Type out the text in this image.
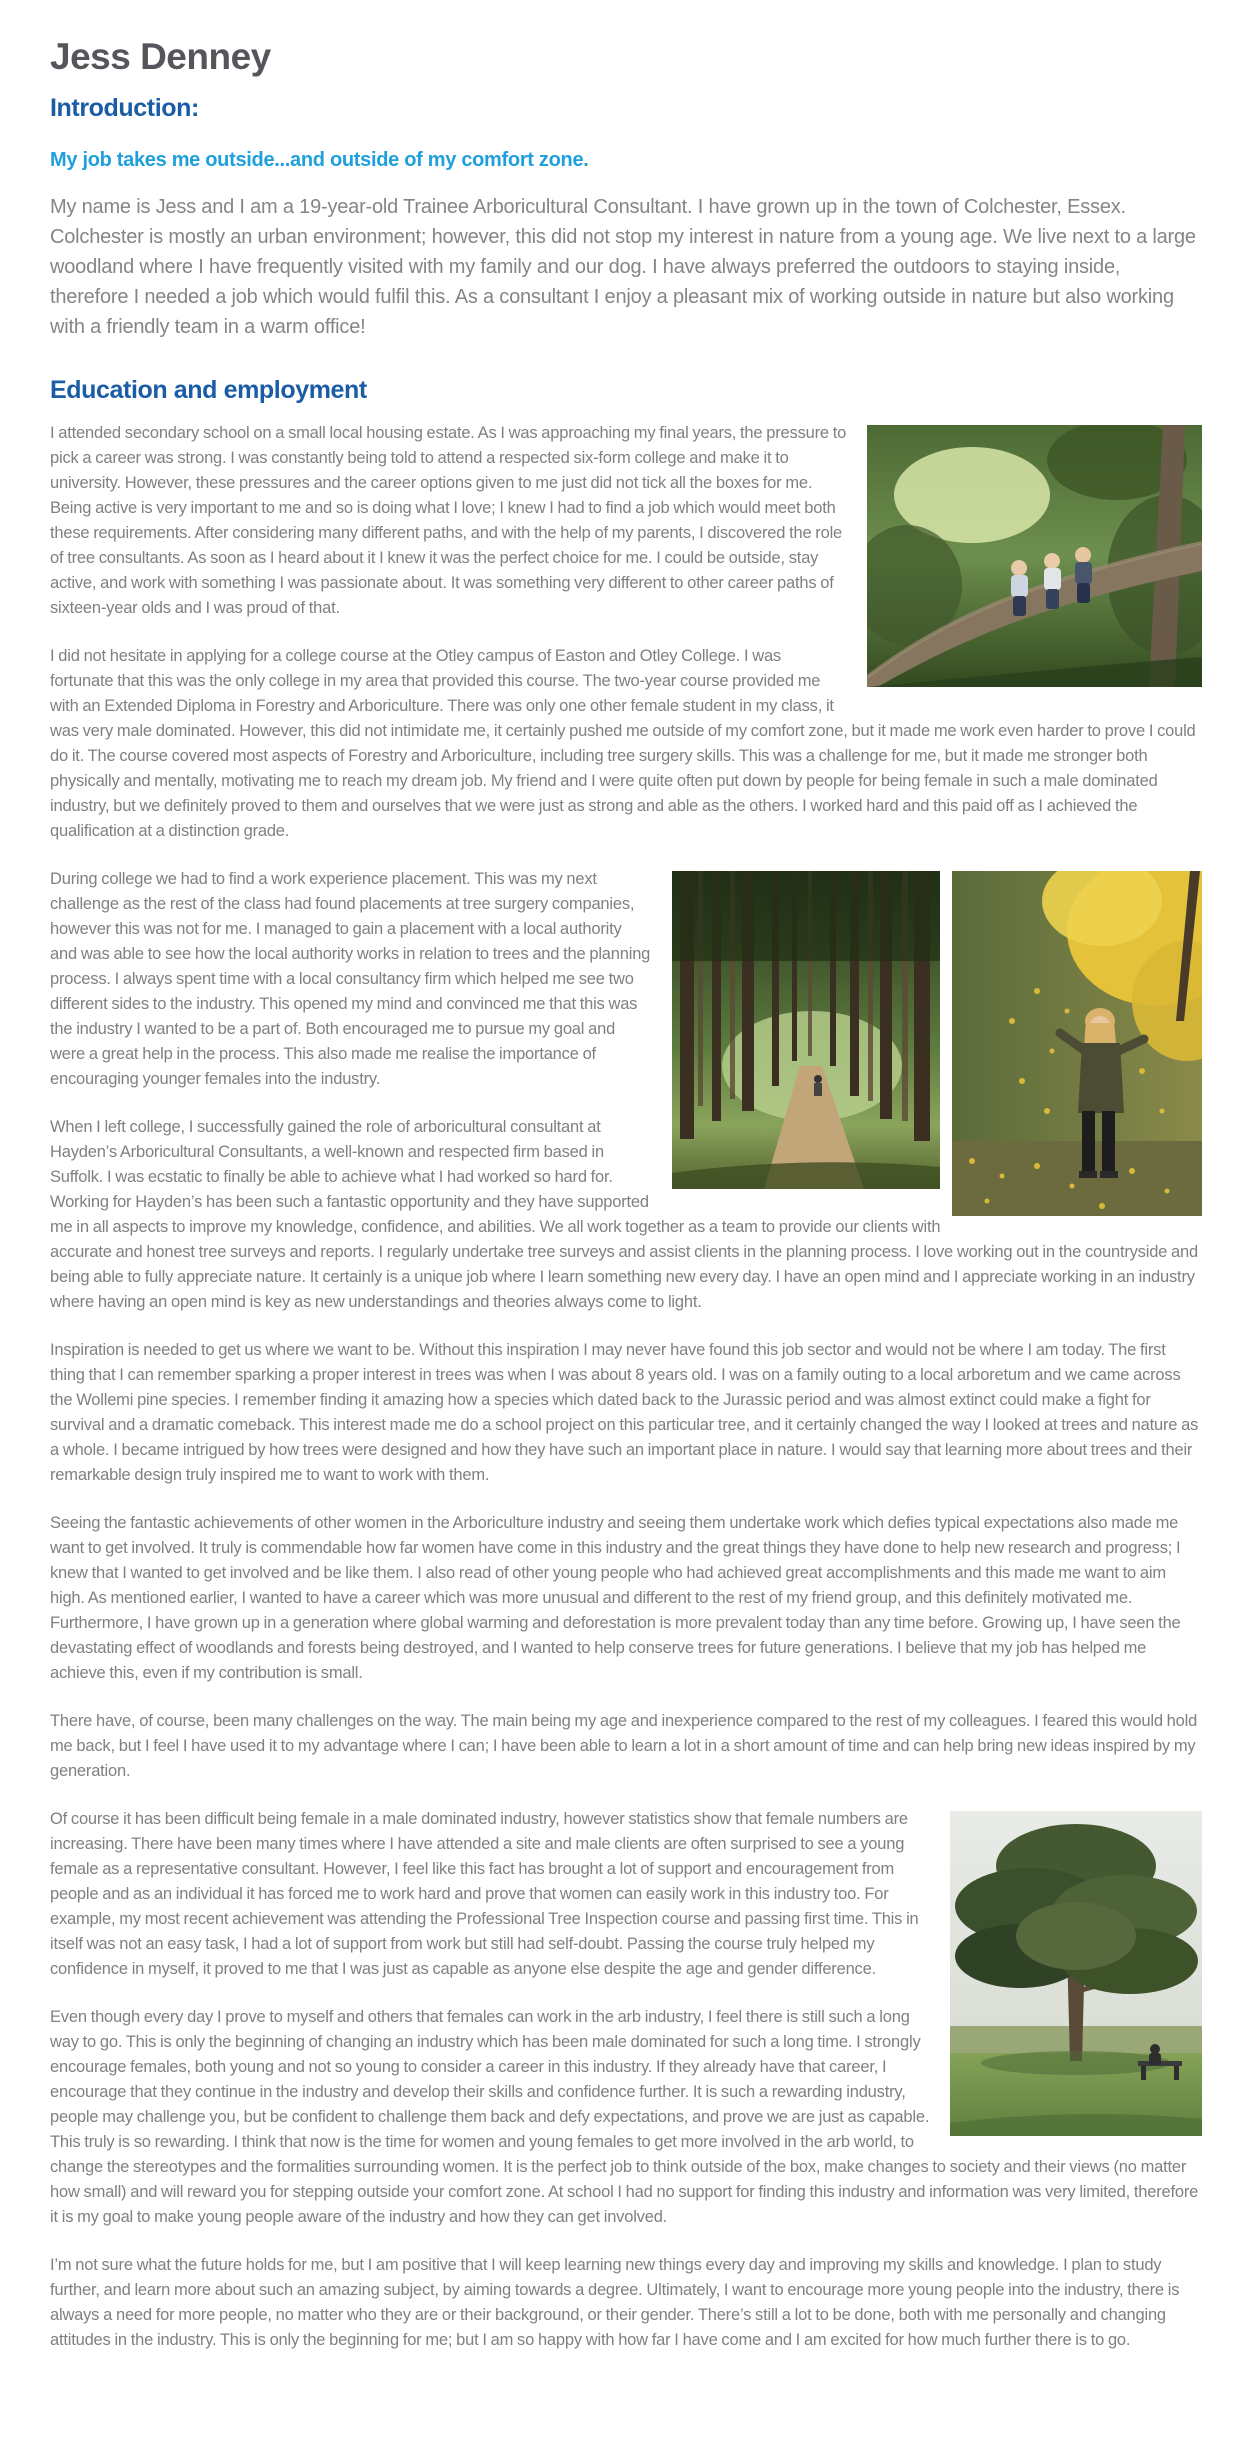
Jess Denney
Introduction:

My job takes me outside...and outside of my comfort zone.

My name is Jess and I am a 19-year-old Trainee Arboricultural Consultant. I have grown up in the town of Colchester, Essex. Colchester is mostly an urban environment; however, this did not stop my interest in nature from a young age. We live next to a large woodland where I have frequently visited with my family and our dog. I have always preferred the outdoors to staying inside, therefore I needed a job which would fulfil this. As a consultant I enjoy a pleasant mix of working outside in nature but also working with a friendly team in a warm office!

Education and employment

I attended secondary school on a small local housing estate. As I was approaching my final years, the pressure to pick a career was strong. I was constantly being told to attend a respected six-form college and make it to university. However, these pressures and the career options given to me just did not tick all the boxes for me. Being active is very important to me and so is doing what I love; I knew I had to find a job which would meet both these requirements. After considering many different paths, and with the help of my parents, I discovered the role of tree consultants. As soon as I heard about it I knew it was the perfect choice for me. I could be outside, stay active, and work with something I was passionate about. It was something very different to other career paths of sixteen-year olds and I was proud of that.

I did not hesitate in applying for a college course at the Otley campus of Easton and Otley College. I was fortunate that this was the only college in my area that provided this course. The two-year course provided me with an Extended Diploma in Forestry and Arboriculture. There was only one other female student in my class, it was very male dominated. However, this did not intimidate me, it certainly pushed me outside of my comfort zone, but it made me work even harder to prove I could do it. The course covered most aspects of Forestry and Arboriculture, including tree surgery skills. This was a challenge for me, but it made me stronger both physically and mentally, motivating me to reach my dream job. My friend and I were quite often put down by people for being female in such a male dominated industry, but we definitely proved to them and ourselves that we were just as strong and able as the others. I worked hard and this paid off as I achieved the qualification at a distinction grade.

During college we had to find a work experience placement. This was my next challenge as the rest of the class had found placements at tree surgery companies, however this was not for me. I managed to gain a placement with a local authority and was able to see how the local authority works in relation to trees and the planning process. I always spent time with a local consultancy firm which helped me see two different sides to the industry. This opened my mind and convinced me that this was the industry I wanted to be a part of. Both encouraged me to pursue my goal and were a great help in the process. This also made me realise the importance of encouraging younger females into the industry.

When I left college, I successfully gained the role of arboricultural consultant at Hayden’s Arboricultural Consultants, a well-known and respected firm based in Suffolk. I was ecstatic to finally be able to achieve what I had worked so hard for. Working for Hayden’s has been such a fantastic opportunity and they have supported me in all aspects to improve my knowledge, confidence, and abilities. We all work together as a team to provide our clients with accurate and honest tree surveys and reports. I regularly undertake tree surveys and assist clients in the planning process. I love working out in the countryside and being able to fully appreciate nature. It certainly is a unique job where I learn something new every day. I have an open mind and I appreciate working in an industry where having an open mind is key as new understandings and theories always come to light.

Inspiration is needed to get us where we want to be. Without this inspiration I may never have found this job sector and would not be where I am today. The first thing that I can remember sparking a proper interest in trees was when I was about 8 years old. I was on a family outing to a local arboretum and we came across the Wollemi pine species. I remember finding it amazing how a species which dated back to the Jurassic period and was almost extinct could make a fight for survival and a dramatic comeback. This interest made me do a school project on this particular tree, and it certainly changed the way I looked at trees and nature as a whole. I became intrigued by how trees were designed and how they have such an important place in nature. I would say that learning more about trees and their remarkable design truly inspired me to want to work with them.

Seeing the fantastic achievements of other women in the Arboriculture industry and seeing them undertake work which defies typical expectations also made me want to get involved. It truly is commendable how far women have come in this industry and the great things they have done to help new research and progress; I knew that I wanted to get involved and be like them. I also read of other young people who had achieved great accomplishments and this made me want to aim high. As mentioned earlier, I wanted to have a career which was more unusual and different to the rest of my friend group, and this definitely motivated me. Furthermore, I have grown up in a generation where global warming and deforestation is more prevalent today than any time before. Growing up, I have seen the devastating effect of woodlands and forests being destroyed, and I wanted to help conserve trees for future generations. I believe that my job has helped me achieve this, even if my contribution is small.

There have, of course, been many challenges on the way. The main being my age and inexperience compared to the rest of my colleagues. I feared this would hold me back, but I feel I have used it to my advantage where I can; I have been able to learn a lot in a short amount of time and can help bring new ideas inspired by my generation.

Of course it has been difficult being female in a male dominated industry, however statistics show that female numbers are increasing. There have been many times where I have attended a site and male clients are often surprised to see a young female as a representative consultant. However, I feel like this fact has brought a lot of support and encouragement from people and as an individual it has forced me to work hard and prove that women can easily work in this industry too. For example, my most recent achievement was attending the Professional Tree Inspection course and passing first time. This in itself was not an easy task, I had a lot of support from work but still had self-doubt. Passing the course truly helped my confidence in myself, it proved to me that I was just as capable as anyone else despite the age and gender difference.

Even though every day I prove to myself and others that females can work in the arb industry, I feel there is still such a long way to go. This is only the beginning of changing an industry which has been male dominated for such a long time. I strongly encourage females, both young and not so young to consider a career in this industry. If they already have that career, I encourage that they continue in the industry and develop their skills and confidence further. It is such a rewarding industry, people may challenge you, but be confident to challenge them back and defy expectations, and prove we are just as capable. This truly is so rewarding. I think that now is the time for women and young females to get more involved in the arb world, to change the stereotypes and the formalities surrounding women. It is the perfect job to think outside of the box, make changes to society and their views (no matter how small) and will reward you for stepping outside your comfort zone. At school I had no support for finding this industry and information was very limited, therefore it is my goal to make young people aware of the industry and how they can get involved.

I’m not sure what the future holds for me, but I am positive that I will keep learning new things every day and improving my skills and knowledge. I plan to study further, and learn more about such an amazing subject, by aiming towards a degree. Ultimately, I want to encourage more young people into the industry, there is always a need for more people, no matter who they are or their background, or their gender. There’s still a lot to be done, both with me personally and changing attitudes in the industry. This is only the beginning for me; but I am so happy with how far I have come and I am excited for how much further there is to go.
